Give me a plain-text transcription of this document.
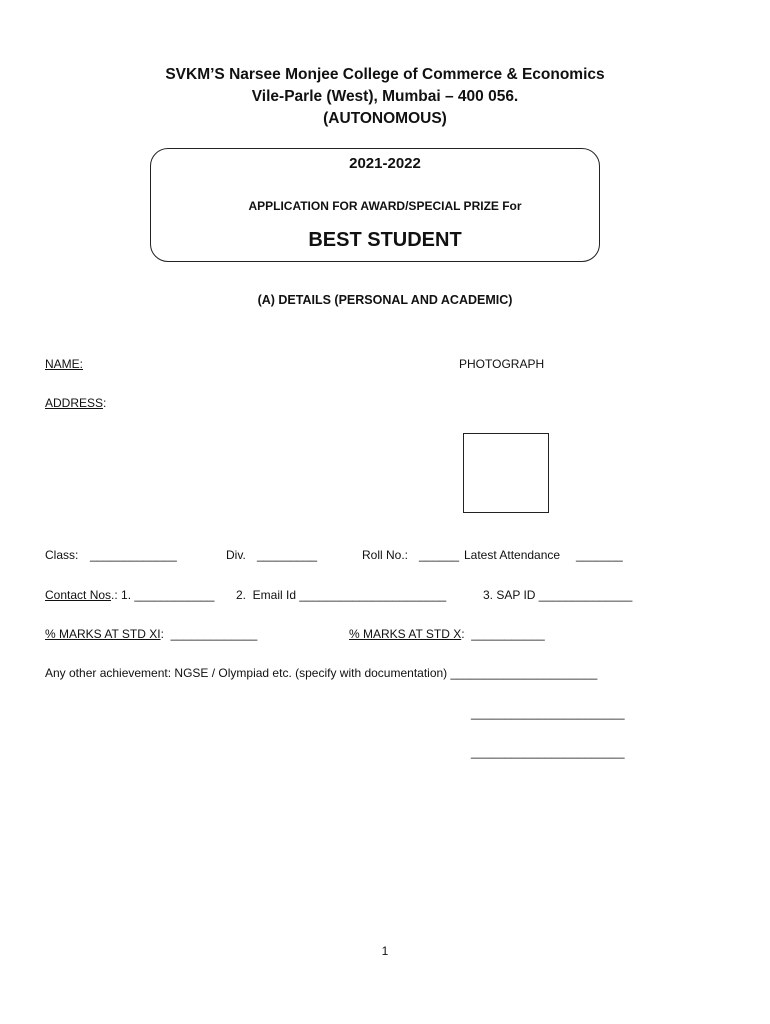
SVKM’S Narsee Monjee College of Commerce & Economics
Vile-Parle (West), Mumbai – 400 056.
(AUTONOMOUS)
2021-2022
APPLICATION FOR AWARD/SPECIAL PRIZE For
BEST STUDENT
(A) DETAILS (PERSONAL AND ACADEMIC)
NAME:	PHOTOGRAPH
ADDRESS:
Class: _____________	Div. _________	Roll No.: ______ Latest Attendance _______
Contact Nos.: 1. ____________ 2.  Email Id ______________________	3. SAP ID ______________
% MARKS AT STD XI:  _____________	% MARKS AT STD X:  ___________
Any other achievement: NGSE / Olympiad etc. (specify with documentation) ______________________
_______________________
_______________________
1
